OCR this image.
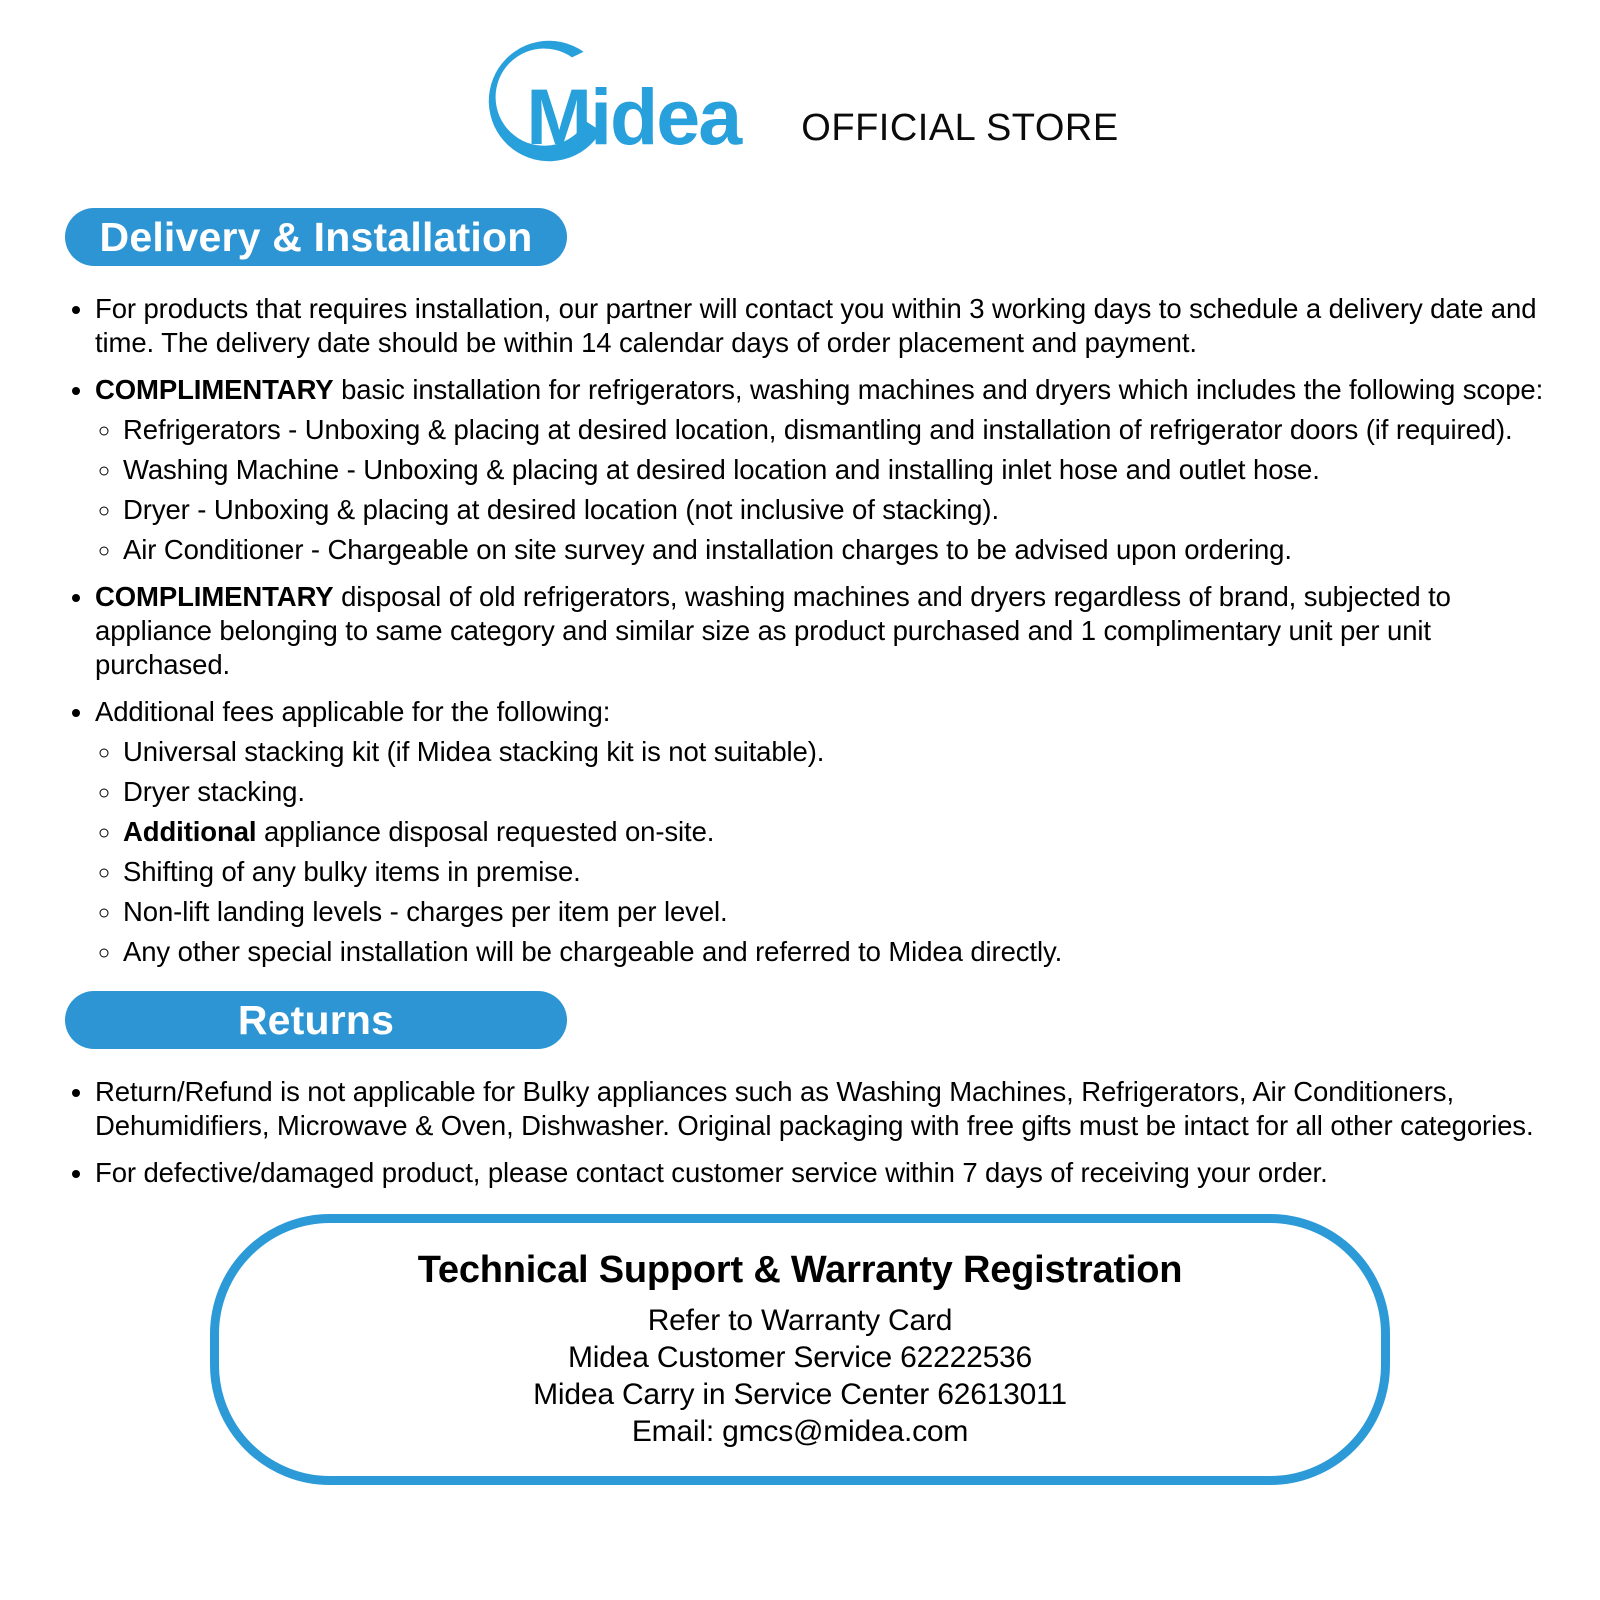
Midea OFFICIAL STORE
Delivery & Installation
• For products that requires installation, our partner will contact you within 3 working days to schedule a delivery date and time. The delivery date should be within 14 calendar days of order placement and payment.
• COMPLIMENTARY basic installation for refrigerators, washing machines and dryers which includes the following scope:
◦ Refrigerators - Unboxing & placing at desired location, dismantling and installation of refrigerator doors (if required).
◦ Washing Machine - Unboxing & placing at desired location and installing inlet hose and outlet hose.
◦ Dryer - Unboxing & placing at desired location (not inclusive of stacking).
◦ Air Conditioner - Chargeable on site survey and installation charges to be advised upon ordering.
• COMPLIMENTARY disposal of old refrigerators, washing machines and dryers regardless of brand, subjected to appliance belonging to same category and similar size as product purchased and 1 complimentary unit per unit purchased.
• Additional fees applicable for the following:
◦ Universal stacking kit (if Midea stacking kit is not suitable).
◦ Dryer stacking.
◦ Additional appliance disposal requested on-site.
◦ Shifting of any bulky items in premise.
◦ Non-lift landing levels - charges per item per level.
◦ Any other special installation will be chargeable and referred to Midea directly.
Returns
• Return/Refund is not applicable for Bulky appliances such as Washing Machines, Refrigerators, Air Conditioners, Dehumidifiers, Microwave & Oven, Dishwasher. Original packaging with free gifts must be intact for all other categories.
• For defective/damaged product, please contact customer service within 7 days of receiving your order.
Technical Support & Warranty Registration
Refer to Warranty Card
Midea Customer Service 62222536
Midea Carry in Service Center 62613011
Email: gmcs@midea.com
